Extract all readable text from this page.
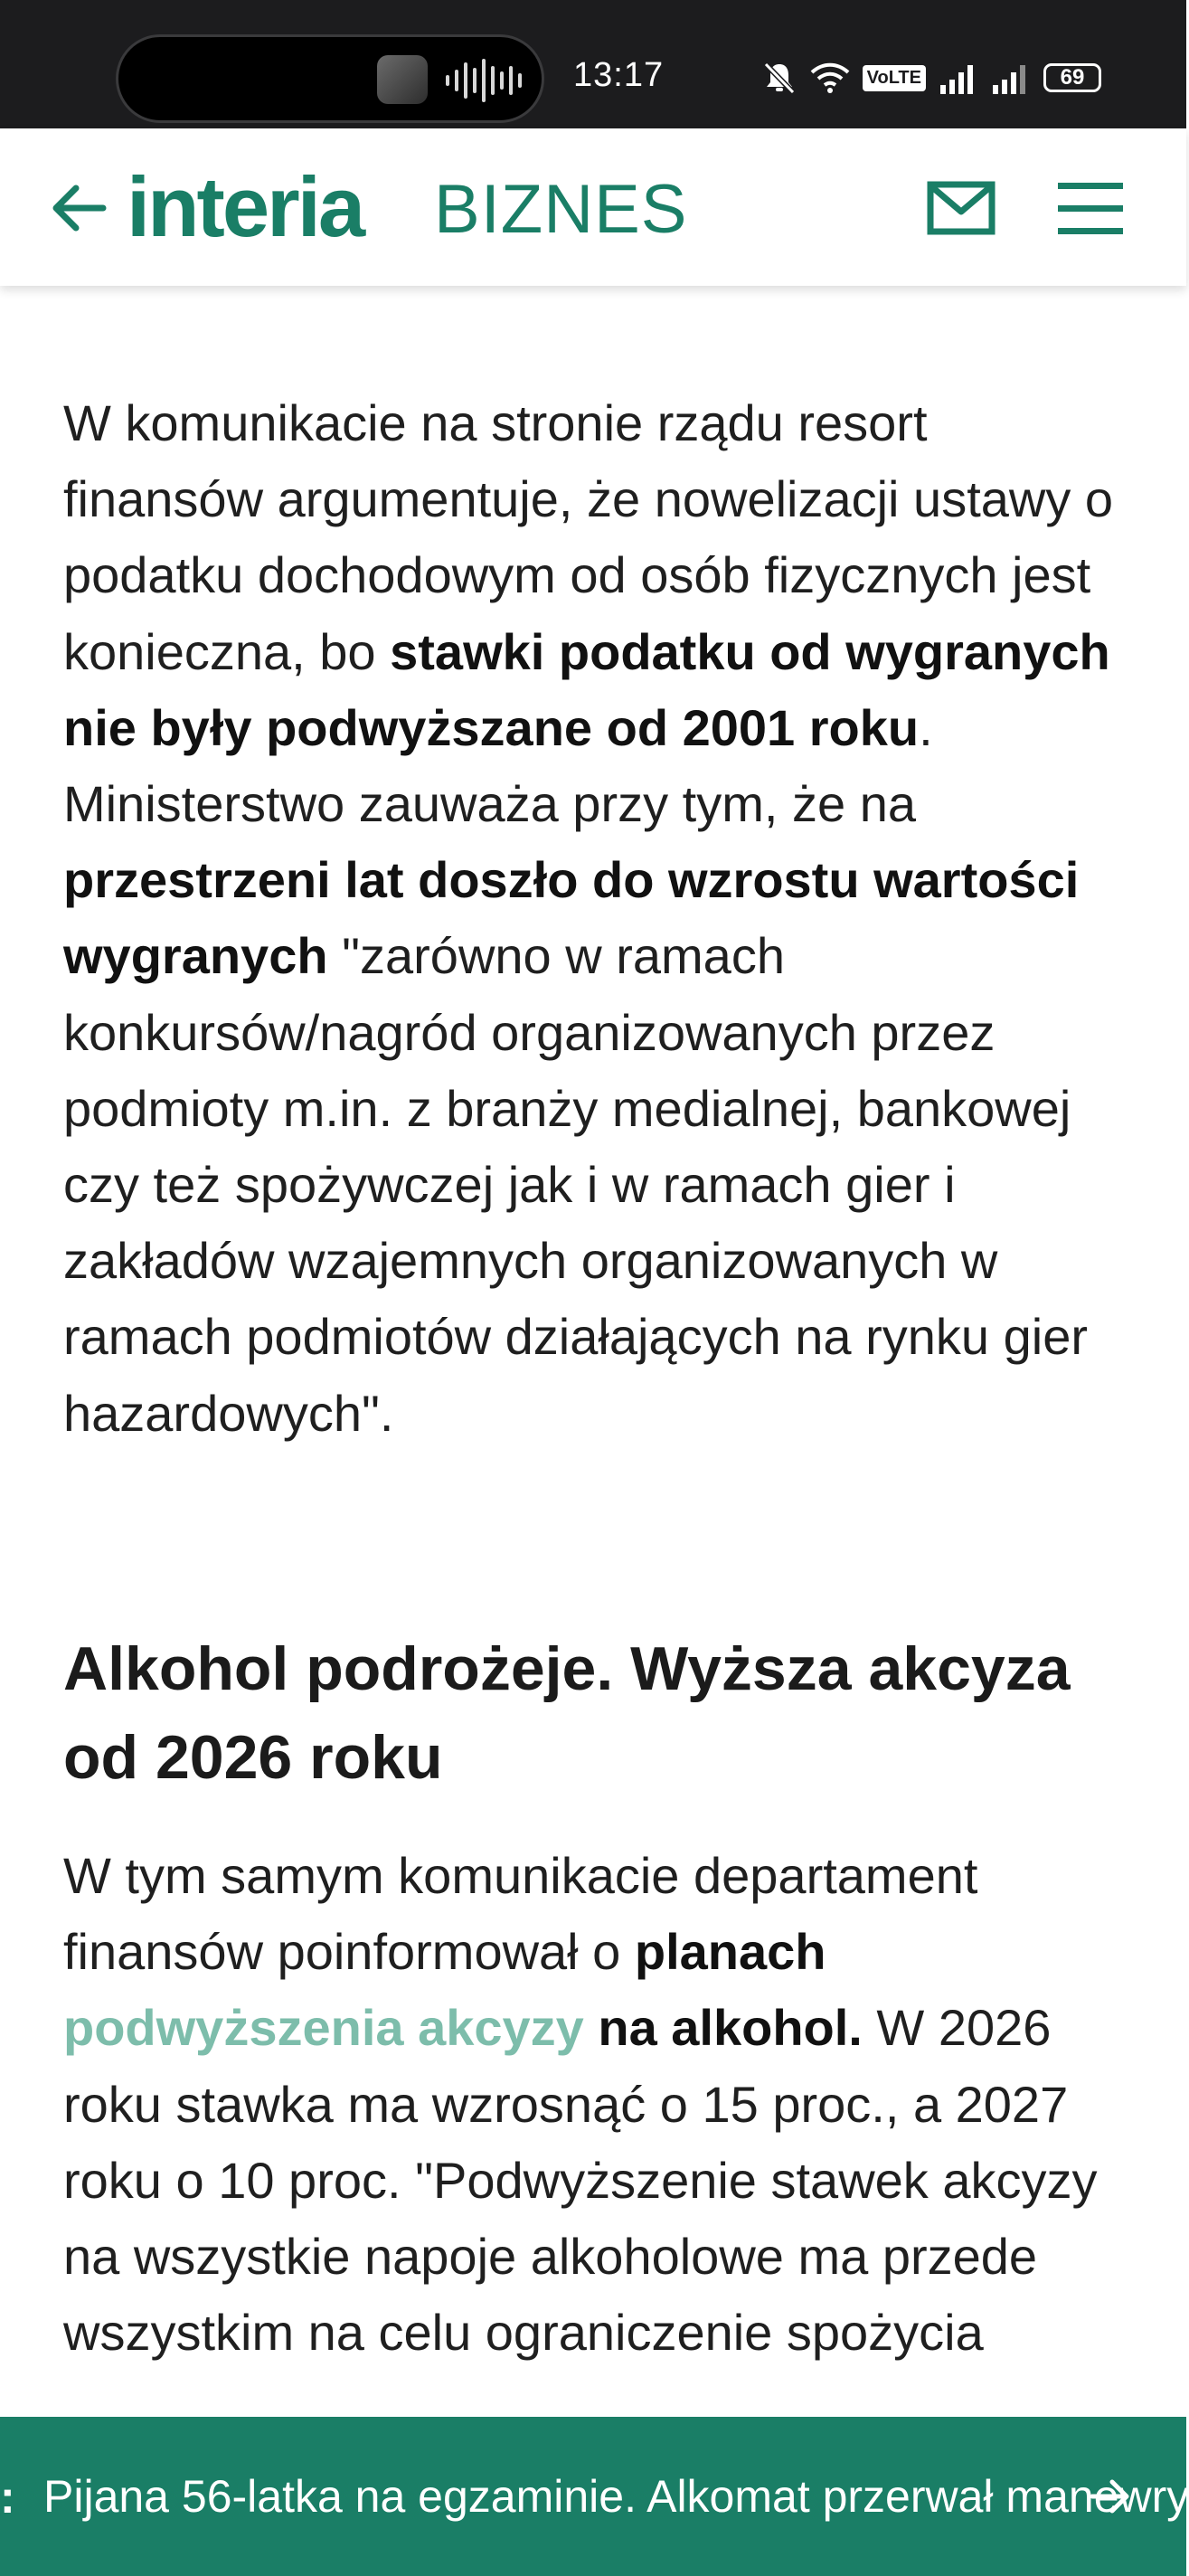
13:17	VoLTE	69
interia BIZNES

W komunikacie na stronie rządu resort finansów argumentuje, że nowelizacji ustawy o podatku dochodowym od osób fizycznych jest konieczna, bo stawki podatku od wygranych nie były podwyższane od 2001 roku. Ministerstwo zauważa przy tym, że na przestrzeni lat doszło do wzrostu wartości wygranych "zarówno w ramach konkursów/nagród organizowanych przez podmioty m.in. z branży medialnej, bankowej czy też spożywczej jak i w ramach gier i zakładów wzajemnych organizowanych w ramach podmiotów działających na rynku gier hazardowych".

Alkohol podrożeje. Wyższa akcyza od 2026 roku

W tym samym komunikacie departament finansów poinformował o planach podwyższenia akcyzy na alkohol. W 2026 roku stawka ma wzrosnąć o 15 proc., a 2027 roku o 10 proc. "Podwyższenie stawek akcyzy na wszystkie napoje alkoholowe ma przede wszystkim na celu ograniczenie spożycia

: Pijana 56-latka na egzaminie. Alkomat przerwał manewry
